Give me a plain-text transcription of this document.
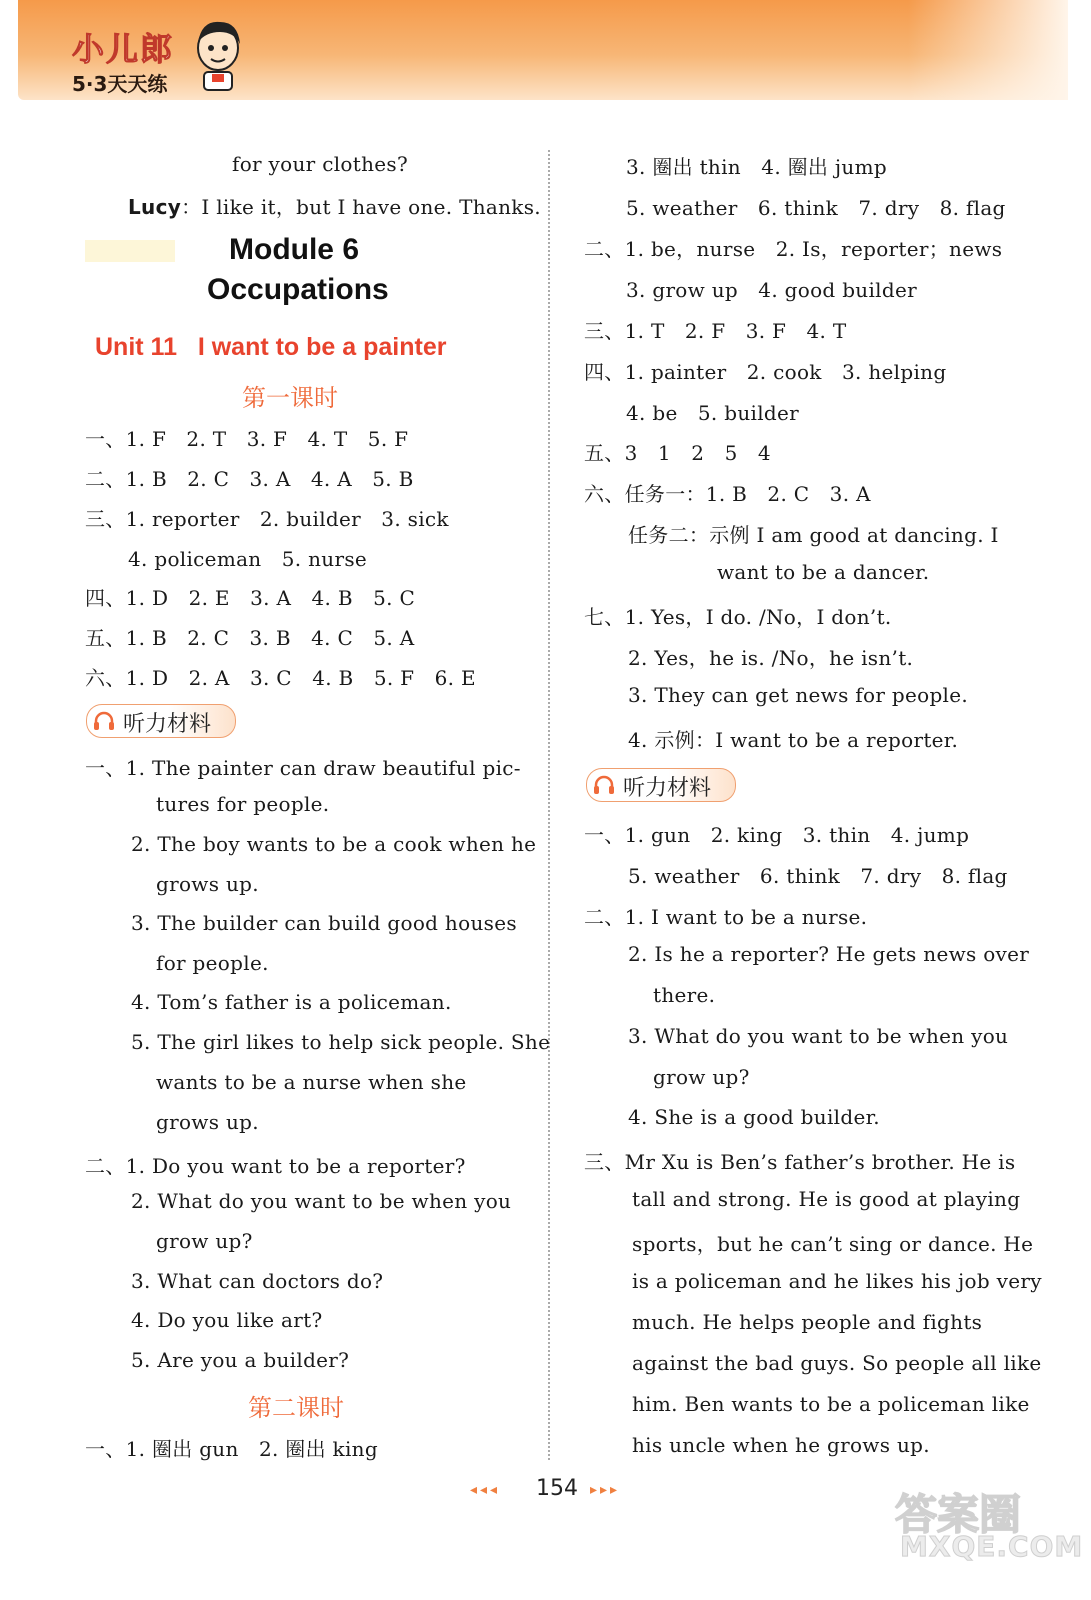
小儿郎
5·3天天练
for your clothes?
Lucy：I like it，but I have one. Thanks.
Module 6
Occupations
Unit 11 I want to be a painter
第一课时
一、1. F　2. T　3. F　4. T　5. F
二、1. B　2. C　3. A　4. A　5. B
三、1. reporter　2. builder　3. sick
4. policeman　5. nurse
四、1. D　2. E　3. A　4. B　5. C
五、1. B　2. C　3. B　4. C　5. A
六、1. D　2. A　3. C　4. B　5. F　6. E
听力材料
一、1. The painter can draw beautiful pic-
tures for people.
2. The boy wants to be a cook when he
grows up.
3. The builder can build good houses
for people.
4. Tom’s father is a policeman.
5. The girl likes to help sick people. She
wants to be a nurse when she
grows up.
二、1. Do you want to be a reporter?
2. What do you want to be when you
grow up?
3. What can doctors do?
4. Do you like art?
5. Are you a builder?
第二课时
一、1. 圈出 gun　2. 圈出 king
3. 圈出 thin　4. 圈出 jump
5. weather　6. think　7. dry　8. flag
二、1. be，nurse　2. Is，reporter；news
3. grow up　4. good builder
三、1. T　2. F　3. F　4. T
四、1. painter　2. cook　3. helping
4. be　5. builder
五、3　1　2　5　4
六、任务一：1. B　2. C　3. A
任务二：示例 I am good at dancing. I
want to be a dancer.
七、1. Yes，I do. /No，I don’t.
2. Yes，he is. /No，he isn’t.
3. They can get news for people.
4. 示例：I want to be a reporter.
听力材料
一、1. gun　2. king　3. thin　4. jump
5. weather　6. think　7. dry　8. flag
二、1. I want to be a nurse.
2. Is he a reporter? He gets news over
there.
3. What do you want to be when you
grow up?
4. She is a good builder.
三、Mr Xu is Ben’s father’s brother. He is
tall and strong. He is good at playing
sports，but he can’t sing or dance. He
is a policeman and he likes his job very
much. He helps people and fights
against the bad guys. So people all like
him. Ben wants to be a policeman like
his uncle when he grows up.
◂◂◂ 154 ▸▸▸	答案圈
MXQE.COM
